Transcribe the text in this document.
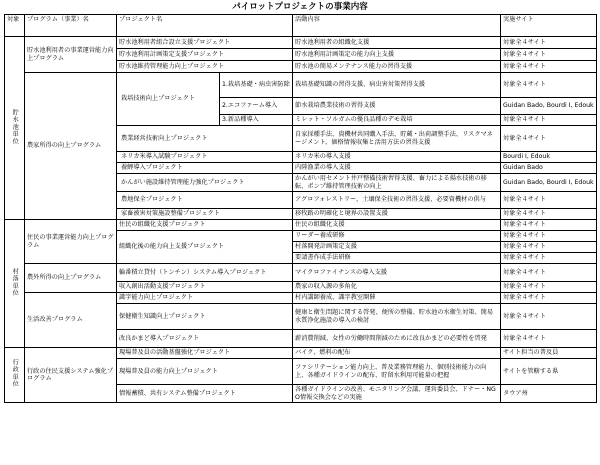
パイロットプロジェクトの事業内容
対象	プログラム（事業）名	プロジェクト名		活動内容	実施サイト
貯水池単位	貯水池利用者の事業運営能力向上プログラム	貯水池利用者組合設立支援プロジェクト		貯水池利用者の組織化支援	対象全４サイト
		貯水池利用計画策定支援プロジェクト		貯水池利用計画策定の能力向上支援	対象全４サイト
		貯水池維持管理能力向上プロジェクト		貯水池の簡易メンテナンス能力の習得支援	対象全４サイト
	農家所得の向上プログラム	栽培技術向上プロジェクト	1.栽培基礎・病虫害防除	栽培基礎知識の習得支援、病虫害対策習得支援	対象全４サイト
			2.エコファーム導入	節水栽培農業技術の習得支援	Guidan Bado, Bourdi I, Edouk
			3.新品種導入	ミレット・ソルガムの優良品種のデモ栽培	対象全４サイト
		農業経営技術向上プロジェクト		自家採種手法、資機材共同購入手法、貯蔵・出荷調整手法、リスクマネージメント、価格情報収集と活用方法の習得支援	対象全４サイト
		ネリカ米導入試験プロジェクト		ネリカ米の導入支援	Bourdi I, Edouk
		養鯉導入プロジェクト		内陸漁業の導入支援	Guidan Bado
		かんがい施設維持管理能力強化プロジェクト		かんがい用セメント井戸整備技術習得支援、畜力による揚水技術の移転、ポンプ維持管理技術の向上	Guidan Bado, Bourdi I, Edouk
		農地保全プロジェクト		アグロフォレストリー、土壌保全技術の習得支援、必要資機材の供与	対象全４サイト
		家畜被害対策施設整備プロジェクト		移牧路の明確化と境界の設置支援	対象全４サイト
村落単位	住民の事業運営能力向上プログラム	住民の組織化支援プロジェクト		住民の組織化支援	対象全４サイト
		組織化後の能力向上支援プロジェクト		リーダー養成研修	対象全４サイト
				村落開発計画策定支援	対象全４サイト
				要請書作成手法研修	対象全４サイト
	農外所得の向上プログラム	輪番積立貸付（トンチン）システム導入プロジェクト		マイクロファイナンスの導入支援	対象全４サイト
		収入創出活動支援プロジェクト		農家の収入源の多角化	対象全４サイト
	生活改善プログラム	識字能力向上プロジェクト		村内講師養成、識字教室開催	対象全４サイト
		保健衛生知識向上プロジェクト		健康と衛生問題に関する啓発、便所の整備、貯水池の水衛生対策、簡易水質浄化施設の導入の検討	対象全４サイト
		改良かまど導入プロジェクト		薪消費削減、女性の労働時間削減のために改良かまどの必要性を啓発	対象全４サイト
行政単位	行政の住民支援システム強化プログラム	現場普及員の活動基盤強化プロジェクト		バイク、燃料の配布	サイト担当の普及員
		現場普及員の能力向上プロジェクト		ファシリテーション能力向上、普及業務管理能力、個別技術能力の向上、各種ガイドラインの配布、貯留水利用可能量の把握	サイトを管轄する県
		情報蓄積、共有システム整備プロジェクト		各種ガイドラインの改善、モニタリング会議、運営委員会、ドナー・NGO情報交換会などの実施	タウア州
